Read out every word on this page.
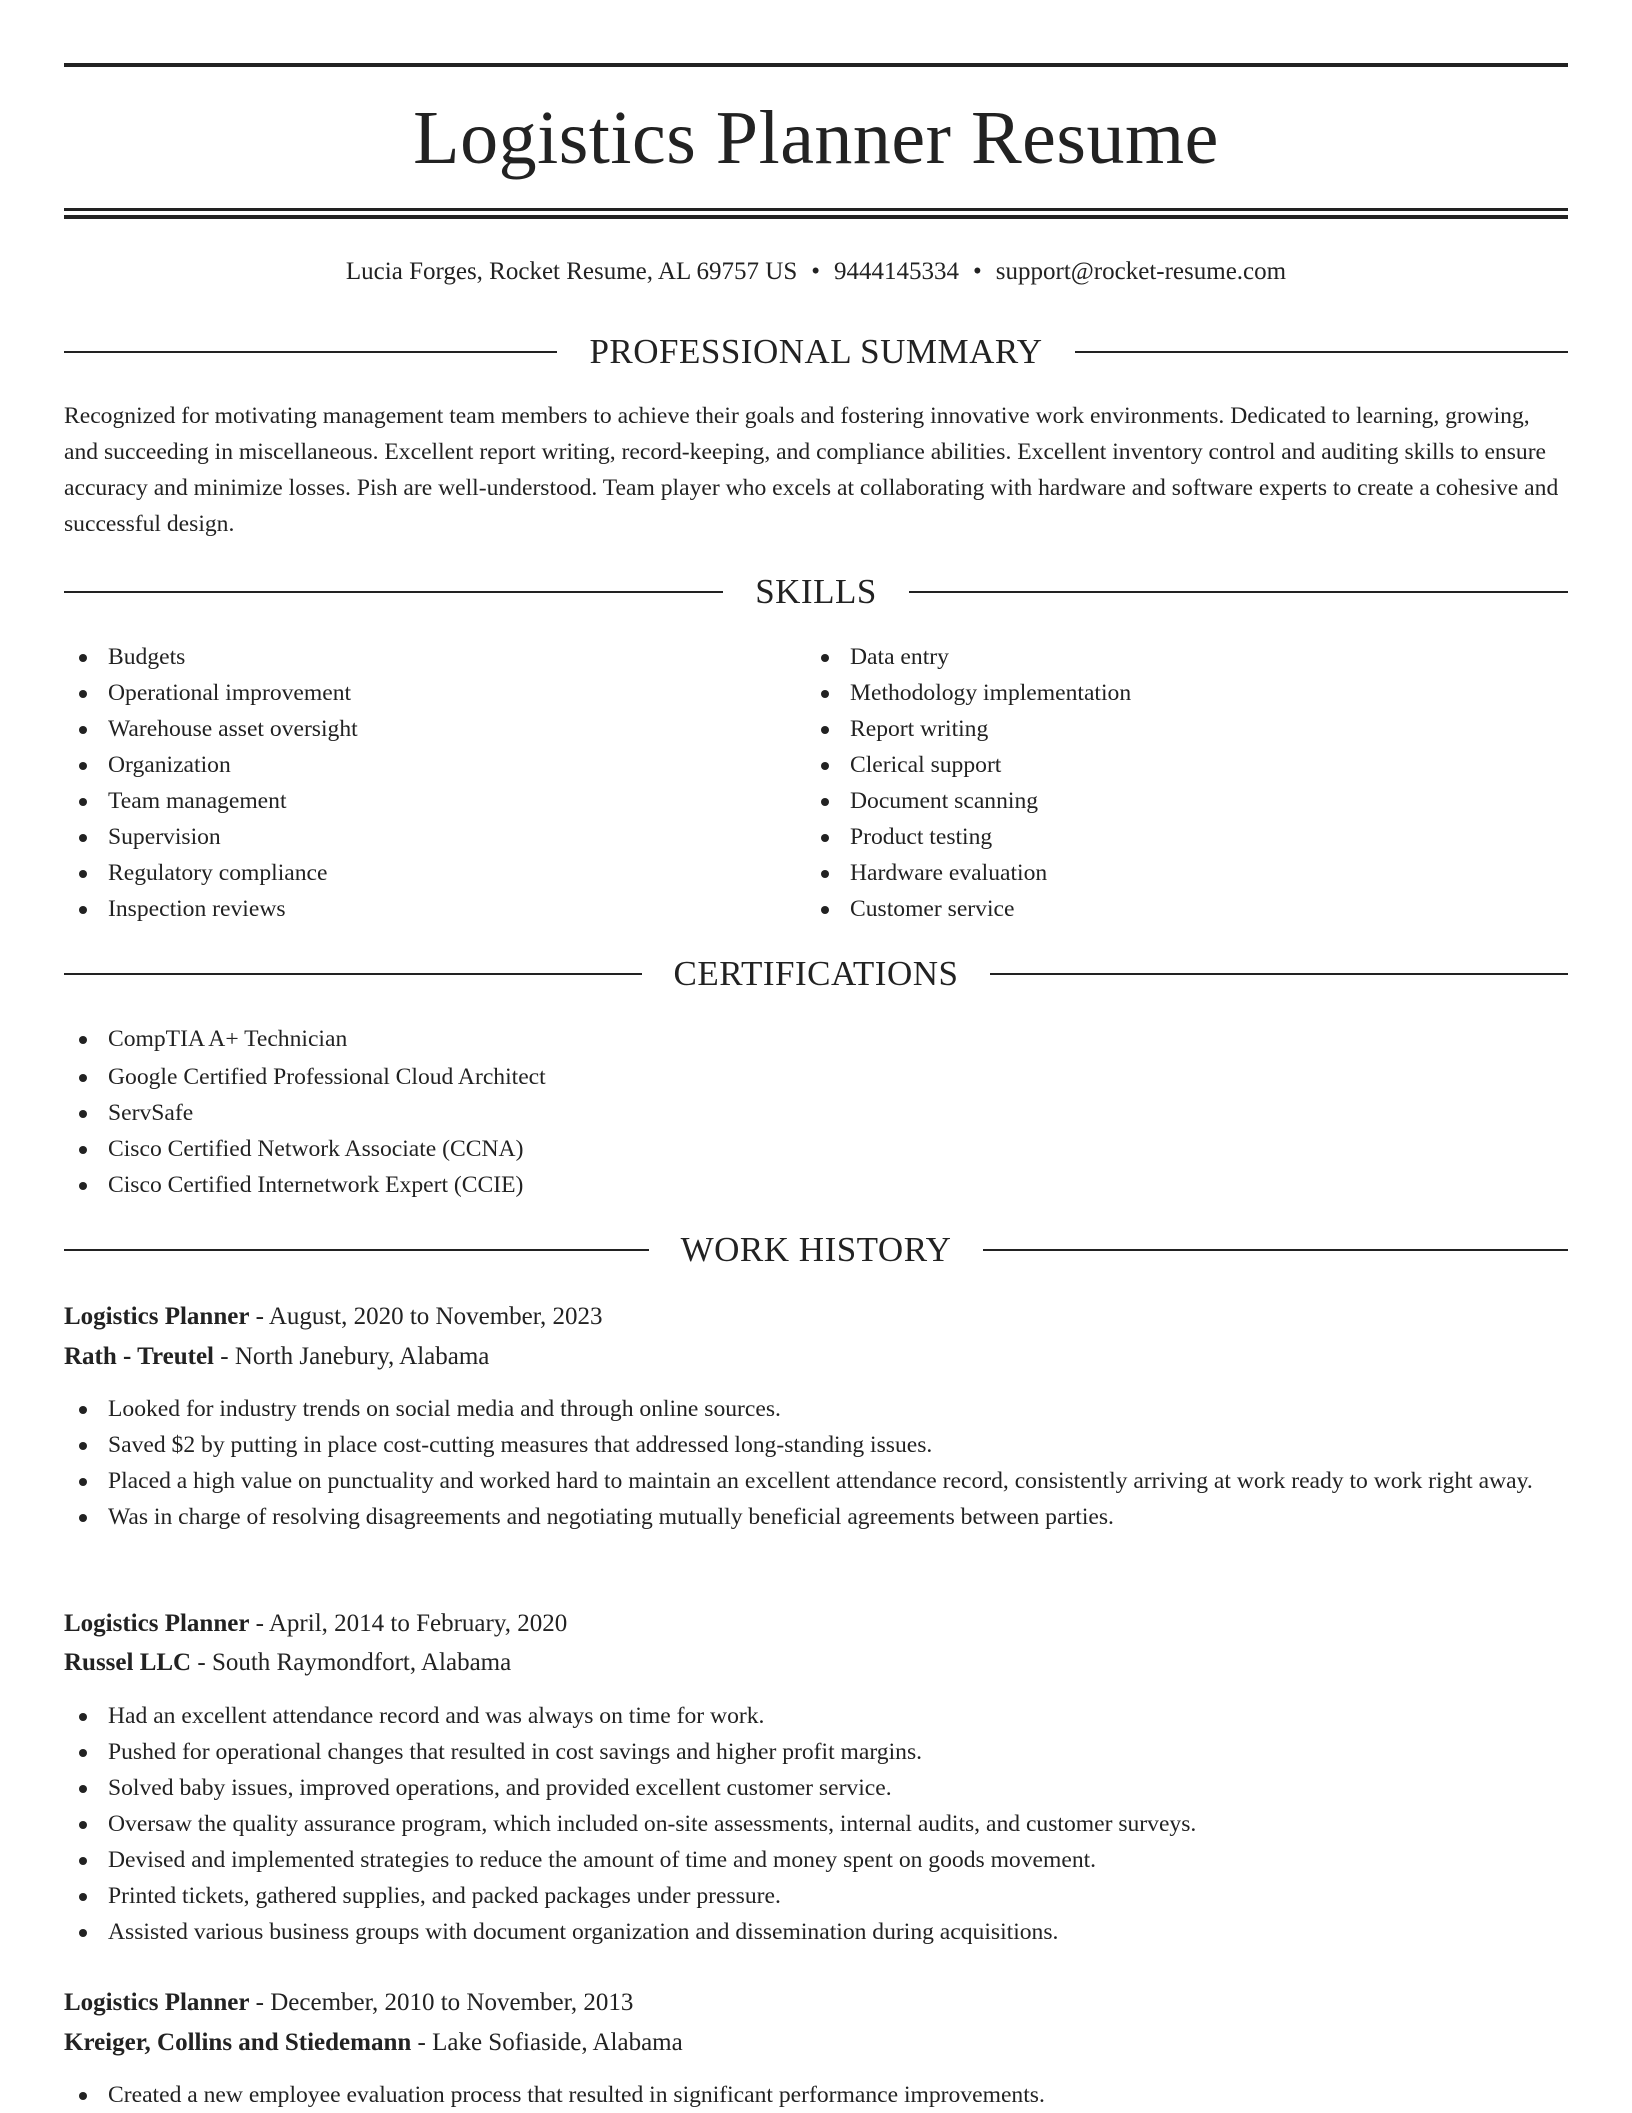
Logistics Planner Resume
Lucia Forges, Rocket Resume, AL 69757 US • 9444145334 • support@rocket-resume.com
PROFESSIONAL SUMMARY

Recognized for motivating management team members to achieve their goals and fostering innovative work environments. Dedicated to learning, growing, and succeeding in miscellaneous. Excellent report writing, record-keeping, and compliance abilities. Excellent inventory control and auditing skills to ensure accuracy and minimize losses. Pish are well-understood. Team player who excels at collaborating with hardware and software experts to create a cohesive and successful design.

SKILLS
Budgets
Operational improvement
Warehouse asset oversight
Organization
Team management
Supervision
Regulatory compliance
Inspection reviews
Data entry
Methodology implementation
Report writing
Clerical support
Document scanning
Product testing
Hardware evaluation
Customer service
CERTIFICATIONS
CompTIA A+ Technician
Google Certified Professional Cloud Architect
ServSafe
Cisco Certified Network Associate (CCNA)
Cisco Certified Internetwork Expert (CCIE)
WORK HISTORY
Logistics Planner - August, 2020 to November, 2023
Rath - Treutel - North Janebury, Alabama
Looked for industry trends on social media and through online sources.
Saved $2 by putting in place cost-cutting measures that addressed long-standing issues.
Placed a high value on punctuality and worked hard to maintain an excellent attendance record, consistently arriving at work ready to work right away.
Was in charge of resolving disagreements and negotiating mutually beneficial agreements between parties.
Logistics Planner - April, 2014 to February, 2020
Russel LLC - South Raymondfort, Alabama
Had an excellent attendance record and was always on time for work.
Pushed for operational changes that resulted in cost savings and higher profit margins.
Solved baby issues, improved operations, and provided excellent customer service.
Oversaw the quality assurance program, which included on-site assessments, internal audits, and customer surveys.
Devised and implemented strategies to reduce the amount of time and money spent on goods movement.
Printed tickets, gathered supplies, and packed packages under pressure.
Assisted various business groups with document organization and dissemination during acquisitions.
Logistics Planner - December, 2010 to November, 2013
Kreiger, Collins and Stiedemann - Lake Sofiaside, Alabama
Created a new employee evaluation process that resulted in significant performance improvements.
